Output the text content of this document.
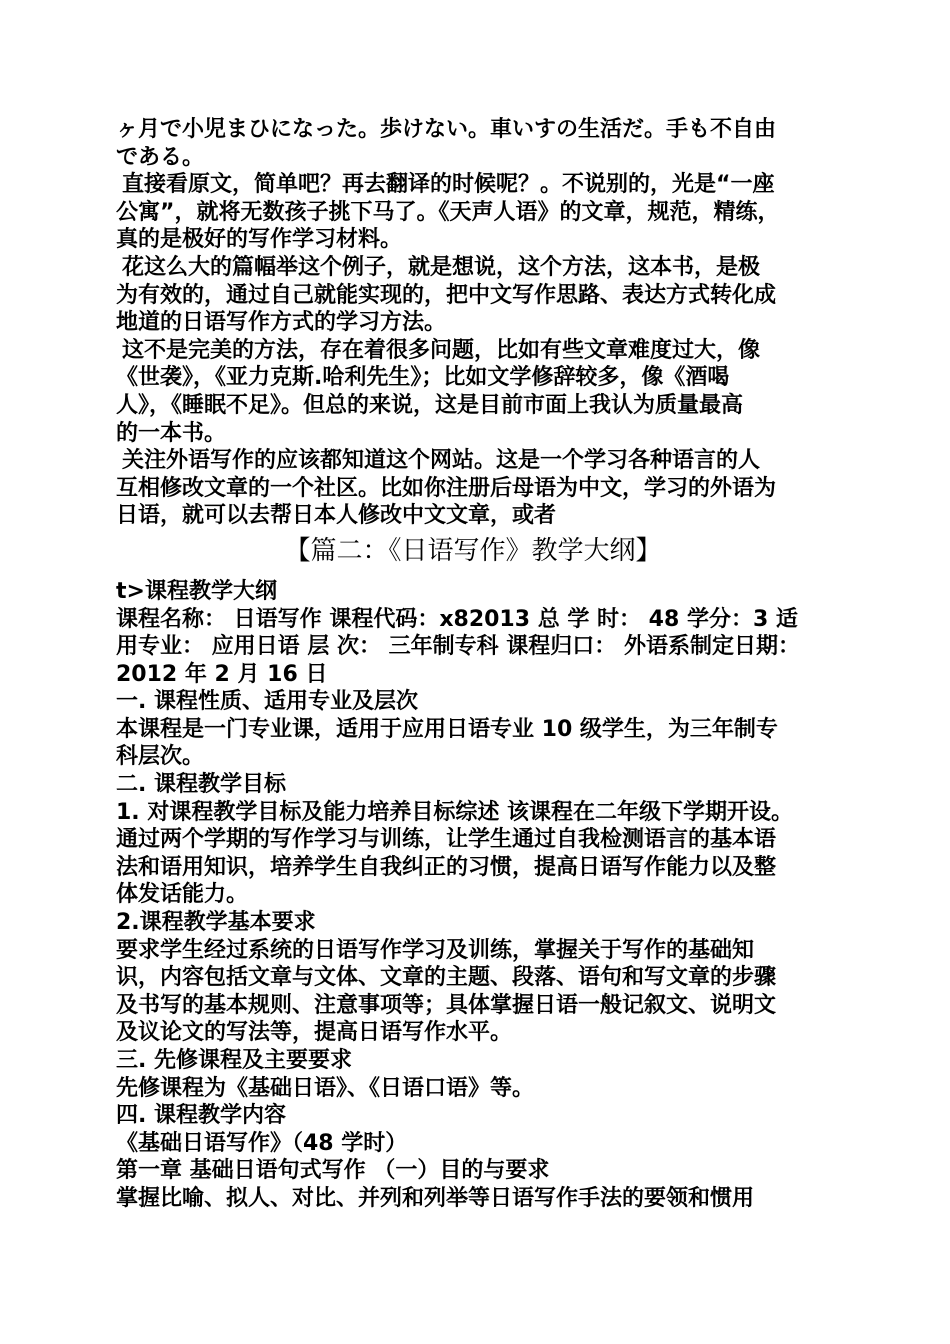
ヶ月で小児まひになった。歩けない。車いすの生活だ。手も不自由
である。
直接看原文，简单吧？再去翻译的时候呢？。不说别的，光是“一座
公寓”，就将无数孩子挑下马了。《天声人语》的文章，规范，精练，
真的是极好的写作学习材料。
花这么大的篇幅举这个例子，就是想说，这个方法，这本书，是极
为有效的，通过自己就能实现的，把中文写作思路、表达方式转化成
地道的日语写作方式的学习方法。
这不是完美的方法，存在着很多问题，比如有些文章难度过大，像
《世袭》，《亚力克斯.哈利先生》；比如文学修辞较多，像《酒喝
人》，《睡眠不足》。但总的来说，这是目前市面上我认为质量最高
的一本书。
关注外语写作的应该都知道这个网站。这是一个学习各种语言的人
互相修改文章的一个社区。比如你注册后母语为中文，学习的外语为
日语，就可以去帮日本人修改中文文章，或者
【篇二：《日语写作》教学大纲】
t>课程教学大纲
课程名称： 日语写作 课程代码：x82013 总 学 时： 48 学分：3 适
用专业： 应用日语 层 次： 三年制专科 课程归口： 外语系制定日期：
2012 年 2 月 16 日
一. 课程性质、适用专业及层次
本课程是一门专业课，适用于应用日语专业 10 级学生，为三年制专
科层次。
二. 课程教学目标
1. 对课程教学目标及能力培养目标综述 该课程在二年级下学期开设。
通过两个学期的写作学习与训练，让学生通过自我检测语言的基本语
法和语用知识，培养学生自我纠正的习惯，提高日语写作能力以及整
体发话能力。
2.课程教学基本要求
要求学生经过系统的日语写作学习及训练，掌握关于写作的基础知
识，内容包括文章与文体、文章的主题、段落、语句和写文章的步骤
及书写的基本规则、注意事项等；具体掌握日语一般记叙文、说明文
及议论文的写法等，提高日语写作水平。
三. 先修课程及主要要求
先修课程为《基础日语》、《日语口语》等。
四. 课程教学内容
《基础日语写作》（48 学时）
第一章 基础日语句式写作 （一）目的与要求
掌握比喻、拟人、对比、并列和列举等日语写作手法的要领和惯用
